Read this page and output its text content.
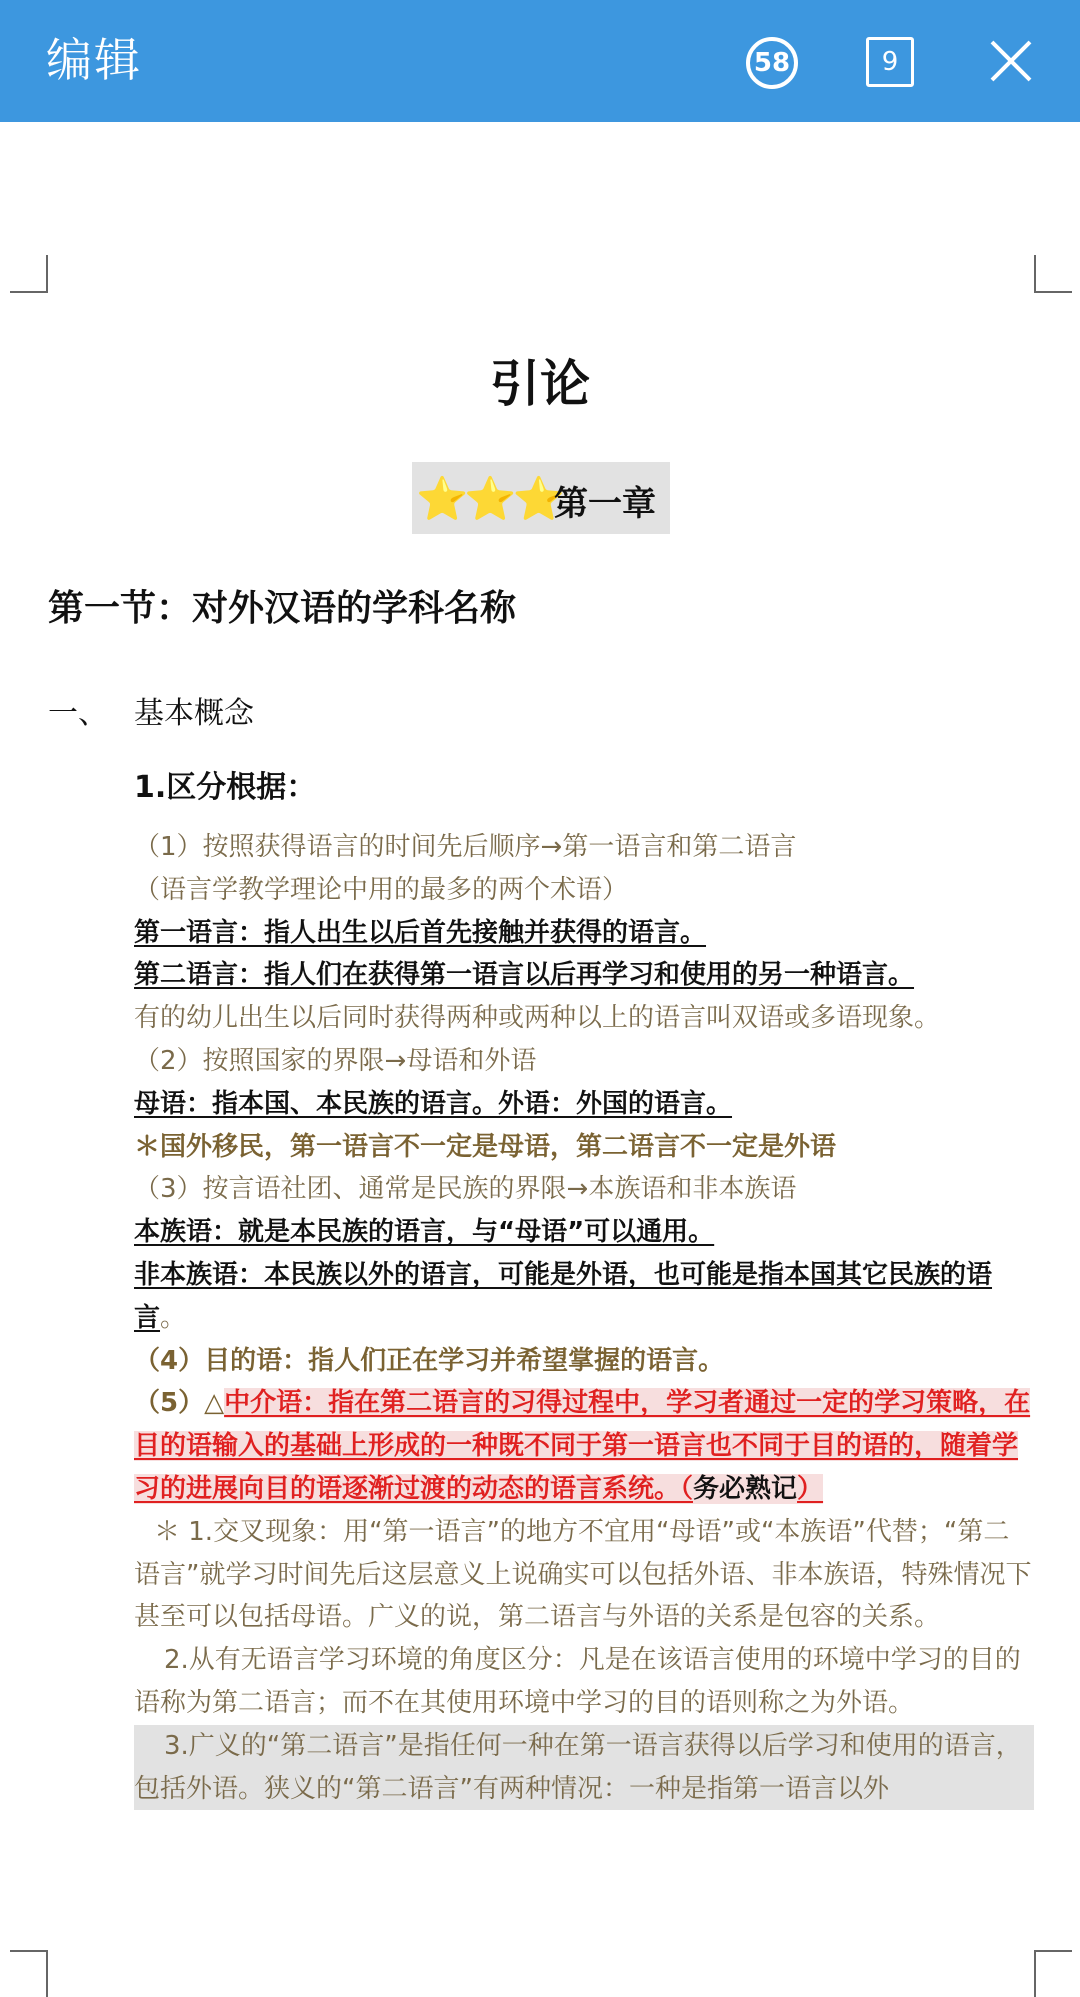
编辑	58	9
引论
⭐⭐⭐
第一章
第一节：对外汉语的学科名称
一、 基本概念
1.区分根据：

（1）按照获得语言的时间先后顺序→第一语言和第二语言

（语言学教学理论中用的最多的两个术语）

第一语言：指人出生以后首先接触并获得的语言。

第二语言：指人们在获得第一语言以后再学习和使用的另一种语言。

有的幼儿出生以后同时获得两种或两种以上的语言叫双语或多语现象。

（2）按照国家的界限→母语和外语

母语：指本国、本民族的语言。外语：外国的语言。

＊国外移民，第一语言不一定是母语，第二语言不一定是外语

（3）按言语社团、通常是民族的界限→本族语和非本族语

本族语：就是本民族的语言，与“母语”可以通用。

非本族语：本民族以外的语言，可能是外语，也可能是指本国其它民族的语言。

（4）目的语：指人们正在学习并希望掌握的语言。

（5）△中介语：指在第二语言的习得过程中，学习者通过一定的学习策略，在目的语输入的基础上形成的一种既不同于第一语言也不同于目的语的，随着学习的进展向目的语逐渐过渡的动态的语言系统。（务必熟记）

＊ 1.交叉现象：用“第一语言”的地方不宜用“母语”或“本族语”代替；“第二语言”就学习时间先后这层意义上说确实可以包括外语、非本族语，特殊情况下甚至可以包括母语。广义的说，第二语言与外语的关系是包容的关系。

2.从有无语言学习环境的角度区分：凡是在该语言使用的环境中学习的目的语称为第二语言；而不在其使用环境中学习的目的语则称之为外语。

3.广义的“第二语言”是指任何一种在第一语言获得以后学习和使用的语言，包括外语。狭义的“第二语言”有两种情况：一种是指第一语言以外
